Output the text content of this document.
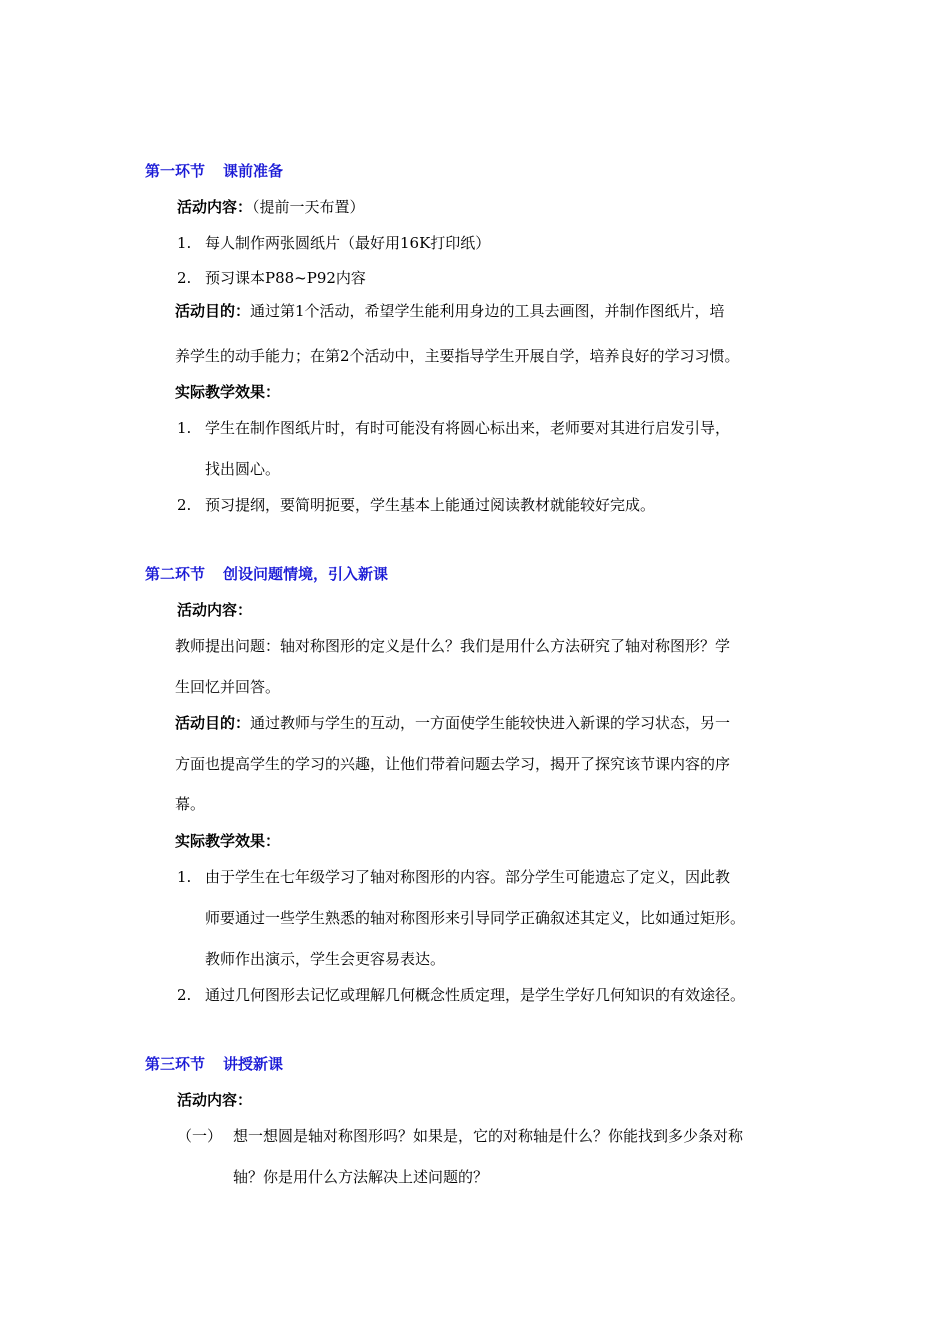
第一环节 课前准备
活动内容：（提前一天布置）
1. 每人制作两张圆纸片（最好用16K打印纸）
2. 预习课本P88~P92内容
活动目的：通过第1个活动，希望学生能利用身边的工具去画图，并制作图纸片，培
养学生的动手能力；在第2个活动中，主要指导学生开展自学，培养良好的学习习惯。
实际教学效果：
1. 学生在制作图纸片时，有时可能没有将圆心标出来，老师要对其进行启发引导，
找出圆心。
2. 预习提纲，要简明扼要，学生基本上能通过阅读教材就能较好完成。
第二环节 创设问题情境，引入新课
活动内容：
教师提出问题：轴对称图形的定义是什么？我们是用什么方法研究了轴对称图形？学
生回忆并回答。
活动目的：通过教师与学生的互动，一方面使学生能较快进入新课的学习状态，另一
方面也提高学生的学习的兴趣，让他们带着问题去学习，揭开了探究该节课内容的序
幕。
实际教学效果：
1. 由于学生在七年级学习了轴对称图形的内容。部分学生可能遗忘了定义，因此教
师要通过一些学生熟悉的轴对称图形来引导同学正确叙述其定义，比如通过矩形。
教师作出演示，学生会更容易表达。
2. 通过几何图形去记忆或理解几何概念性质定理，是学生学好几何知识的有效途径。
第三环节 讲授新课
活动内容：
（一） 想一想圆是轴对称图形吗？如果是，它的对称轴是什么？你能找到多少条对称
轴？你是用什么方法解决上述问题的？
